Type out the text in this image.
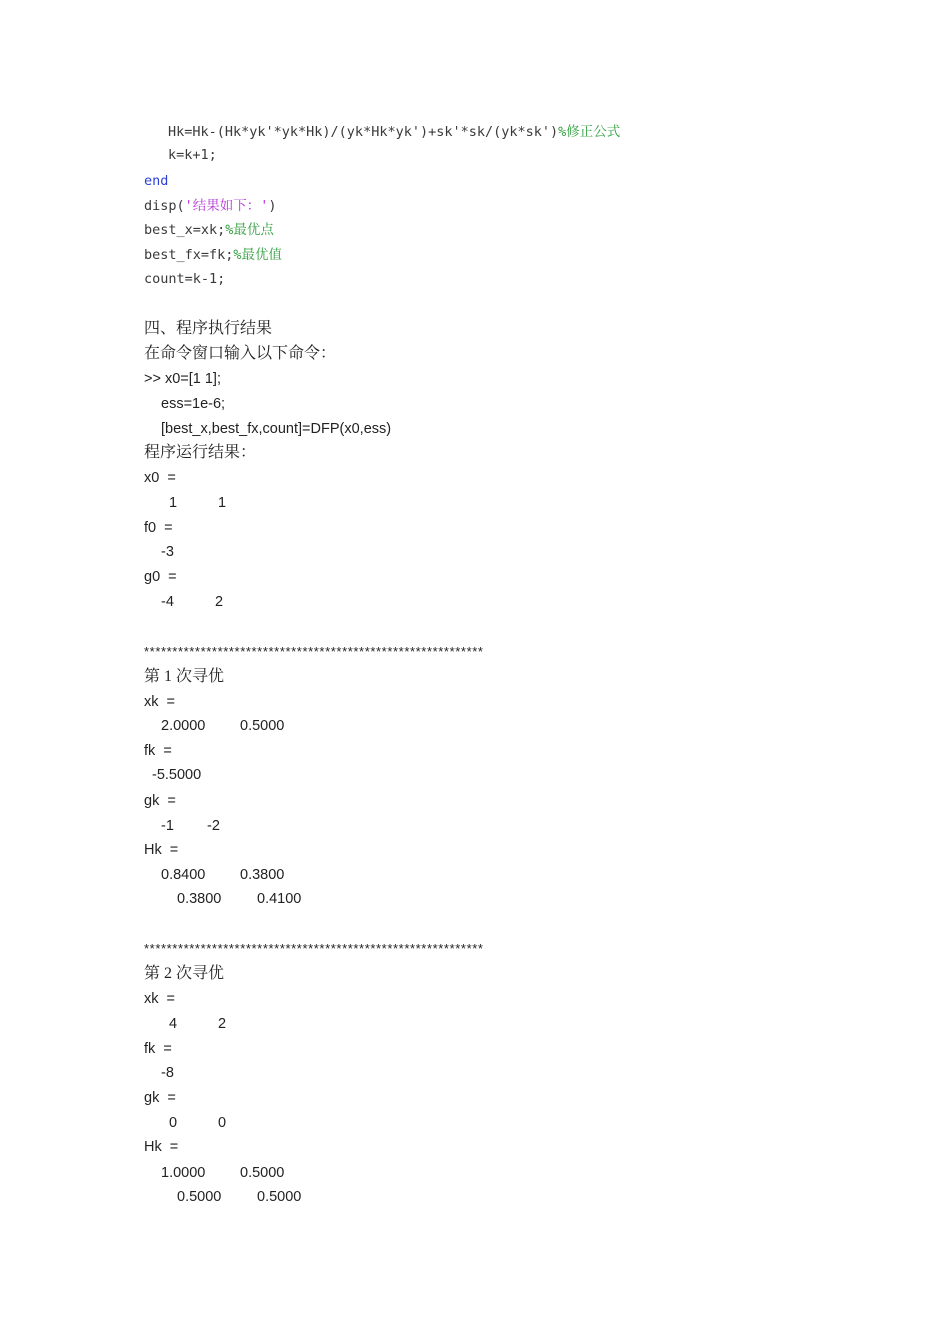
Hk=Hk-(Hk*yk'*yk*Hk)/(yk*Hk*yk')+sk'*sk/(yk*sk')%修正公式
k=k+1;
end
disp('结果如下：')
best_x=xk;%最优点
best_fx=fk;%最优值
count=k-1;
四、程序执行结果
在命令窗口输入以下命令：
>> x0=[1 1];
ess=1e-6;
[best_x,best_fx,count]=DFP(x0,ess)
程序运行结果：
x0  =
1	1
f0  =
-3
g0  =
-4	2
************************************************************
第 1 次寻优
xk  =
2.0000 0.5000
fk  =
-5.5000
gk  =
-1 -2
Hk  =
0.8400 0.3800
0.3800 0.4100
************************************************************
第 2 次寻优
xk  =
4	2
fk  =
-8
gk  =
0	0
Hk  =
1.0000 0.5000
0.5000 0.5000
